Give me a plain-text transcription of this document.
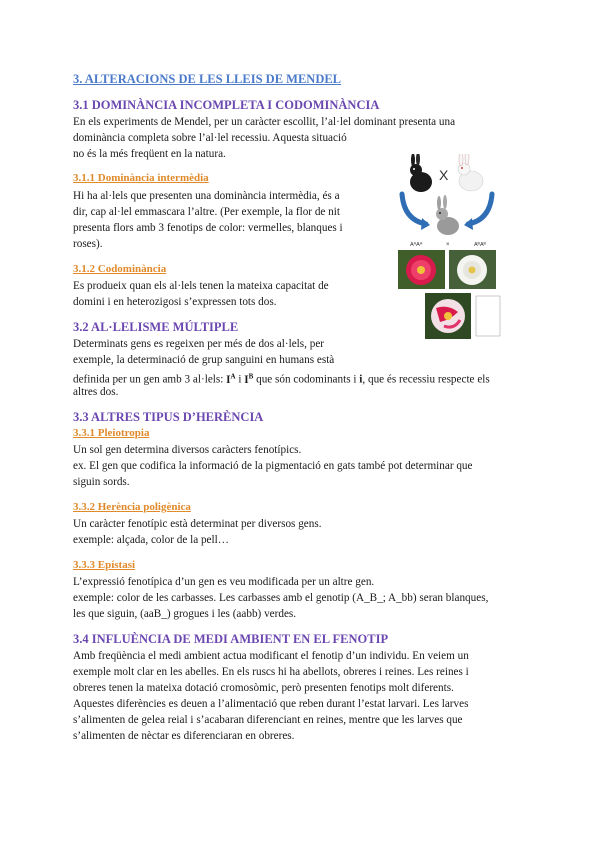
3. ALTERACIONS DE LES LLEIS DE MENDEL
3.1 DOMINÀNCIA INCOMPLETA I CODOMINÀNCIA
En els experiments de Mendel, per un caràcter escollit, l’al·lel dominant presenta una
dominància completa sobre l’al·lel recessiu. Aquesta situació
no és la més freqüent en la natura.
3.1.1 Dominància intermèdia
Hi ha al·lels que presenten una dominància intermèdia, és a
dir, cap al·lel emmascara l’altre. (Per exemple, la flor de nit
presenta flors amb 3 fenotips de color: vermelles, blanques i
roses).
3.1.2 Codominància
Es produeix quan els al·lels tenen la mateixa capacitat de
domini i en heterozigosi s’expressen tots dos.
3.2 AL·LELISME MÚLTIPLE
Determinats gens es regeixen per més de dos al·lels, per
exemple, la determinació de grup sanguini en humans està
definida per un gen amb 3 al·lels: $I^A$ i $I^B$ que són codominants i i, que és recessiu respecte els
altres dos.
3.3 ALTRES TIPUS D’HERÈNCIA
3.3.1 Pleiotropia
Un sol gen determina diversos caràcters fenotípics.
ex. El gen que codifica la informació de la pigmentació en gats també pot determinar que
siguin sords.
3.3.2 Herència poligènica
Un caràcter fenotípic està determinat per diversos gens.
exemple: alçada, color de la pell…
3.3.3 Epístasi
L’expressió fenotípica d’un gen es veu modificada per un altre gen.
exemple: color de les carbasses. Les carbasses amb el genotip (A_B_; A_bb) seran blanques,
les que siguin, (aaB_) grogues i les (aabb) verdes.
3.4 INFLUÈNCIA DE MEDI AMBIENT EN EL FENOTIP
Amb freqüència el medi ambient actua modificant el fenotip d’un individu. En veiem un
exemple molt clar en les abelles. En els ruscs hi ha abellots, obreres i reines. Les reines i
obreres tenen la mateixa dotació cromosòmic, però presenten fenotips molt diferents.
Aquestes diferències es deuen a l’alimentació que reben durant l’estat larvari. Les larves
s’alimenten de gelea reial i s’acabaran diferenciant en reines, mentre que les larves que
s’alimenten de nèctar es diferenciaran en obreres.
X
AᴬAᴬ	×	AᴮAᴮ
